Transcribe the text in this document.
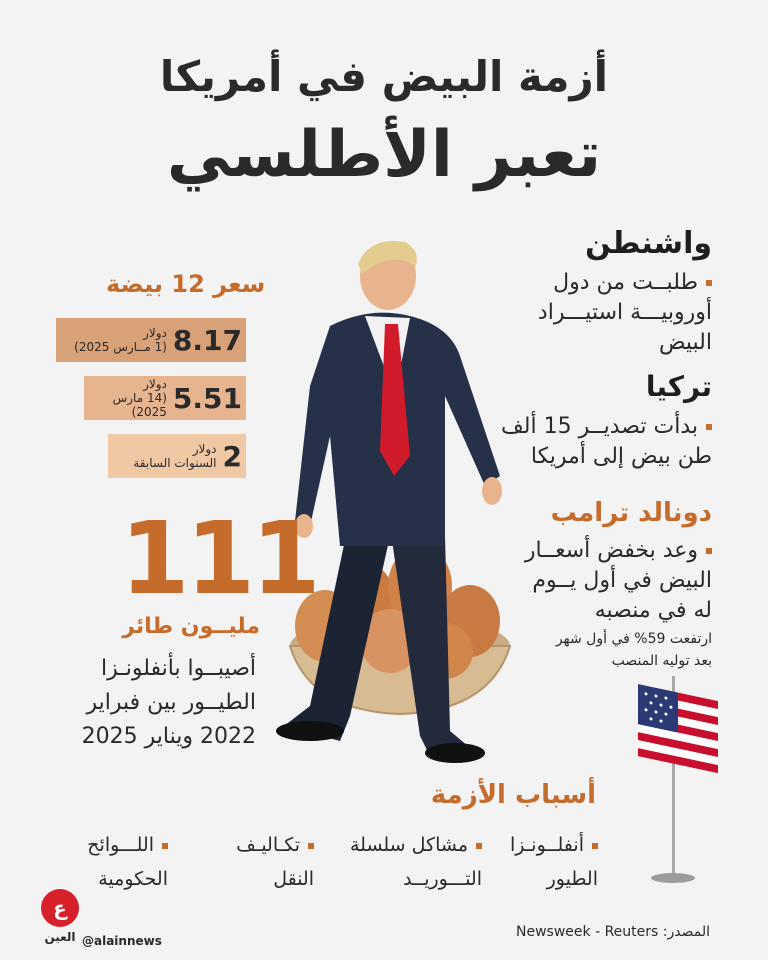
أزمة البيض في أمريكا
تعبر الأطلسي
واشنطن
طلبــت من دول
أوروبيـــة استيـــراد
البيض
تركيا
بدأت تصديــر 15 ألف
طن بيض إلى أمريكا
دونالد ترامب
وعد بخفض أسعــار
البيض في أول يــوم
له في منصبه
ارتفعت 59% في أول شهر
بعد توليه المنصب
سعر 12 بيضة
8.17
دولار
(1 مــارس 2025)
5.51
دولار
(14 مارس 2025)
2
دولار
السنوات السابقة
111
مليــون طائر
أصيبــوا بأنفلونـزا
الطيــور بين فبراير
2022 ويناير 2025
أسباب الأزمة
أنفلــونـزا
الطيور
مشاكل سلسلة
التـــوريــد
تكـاليـف
النقل
اللـــوائح
الحكومية
ع
العين @alainnews
المصدر: Newsweek - Reuters
